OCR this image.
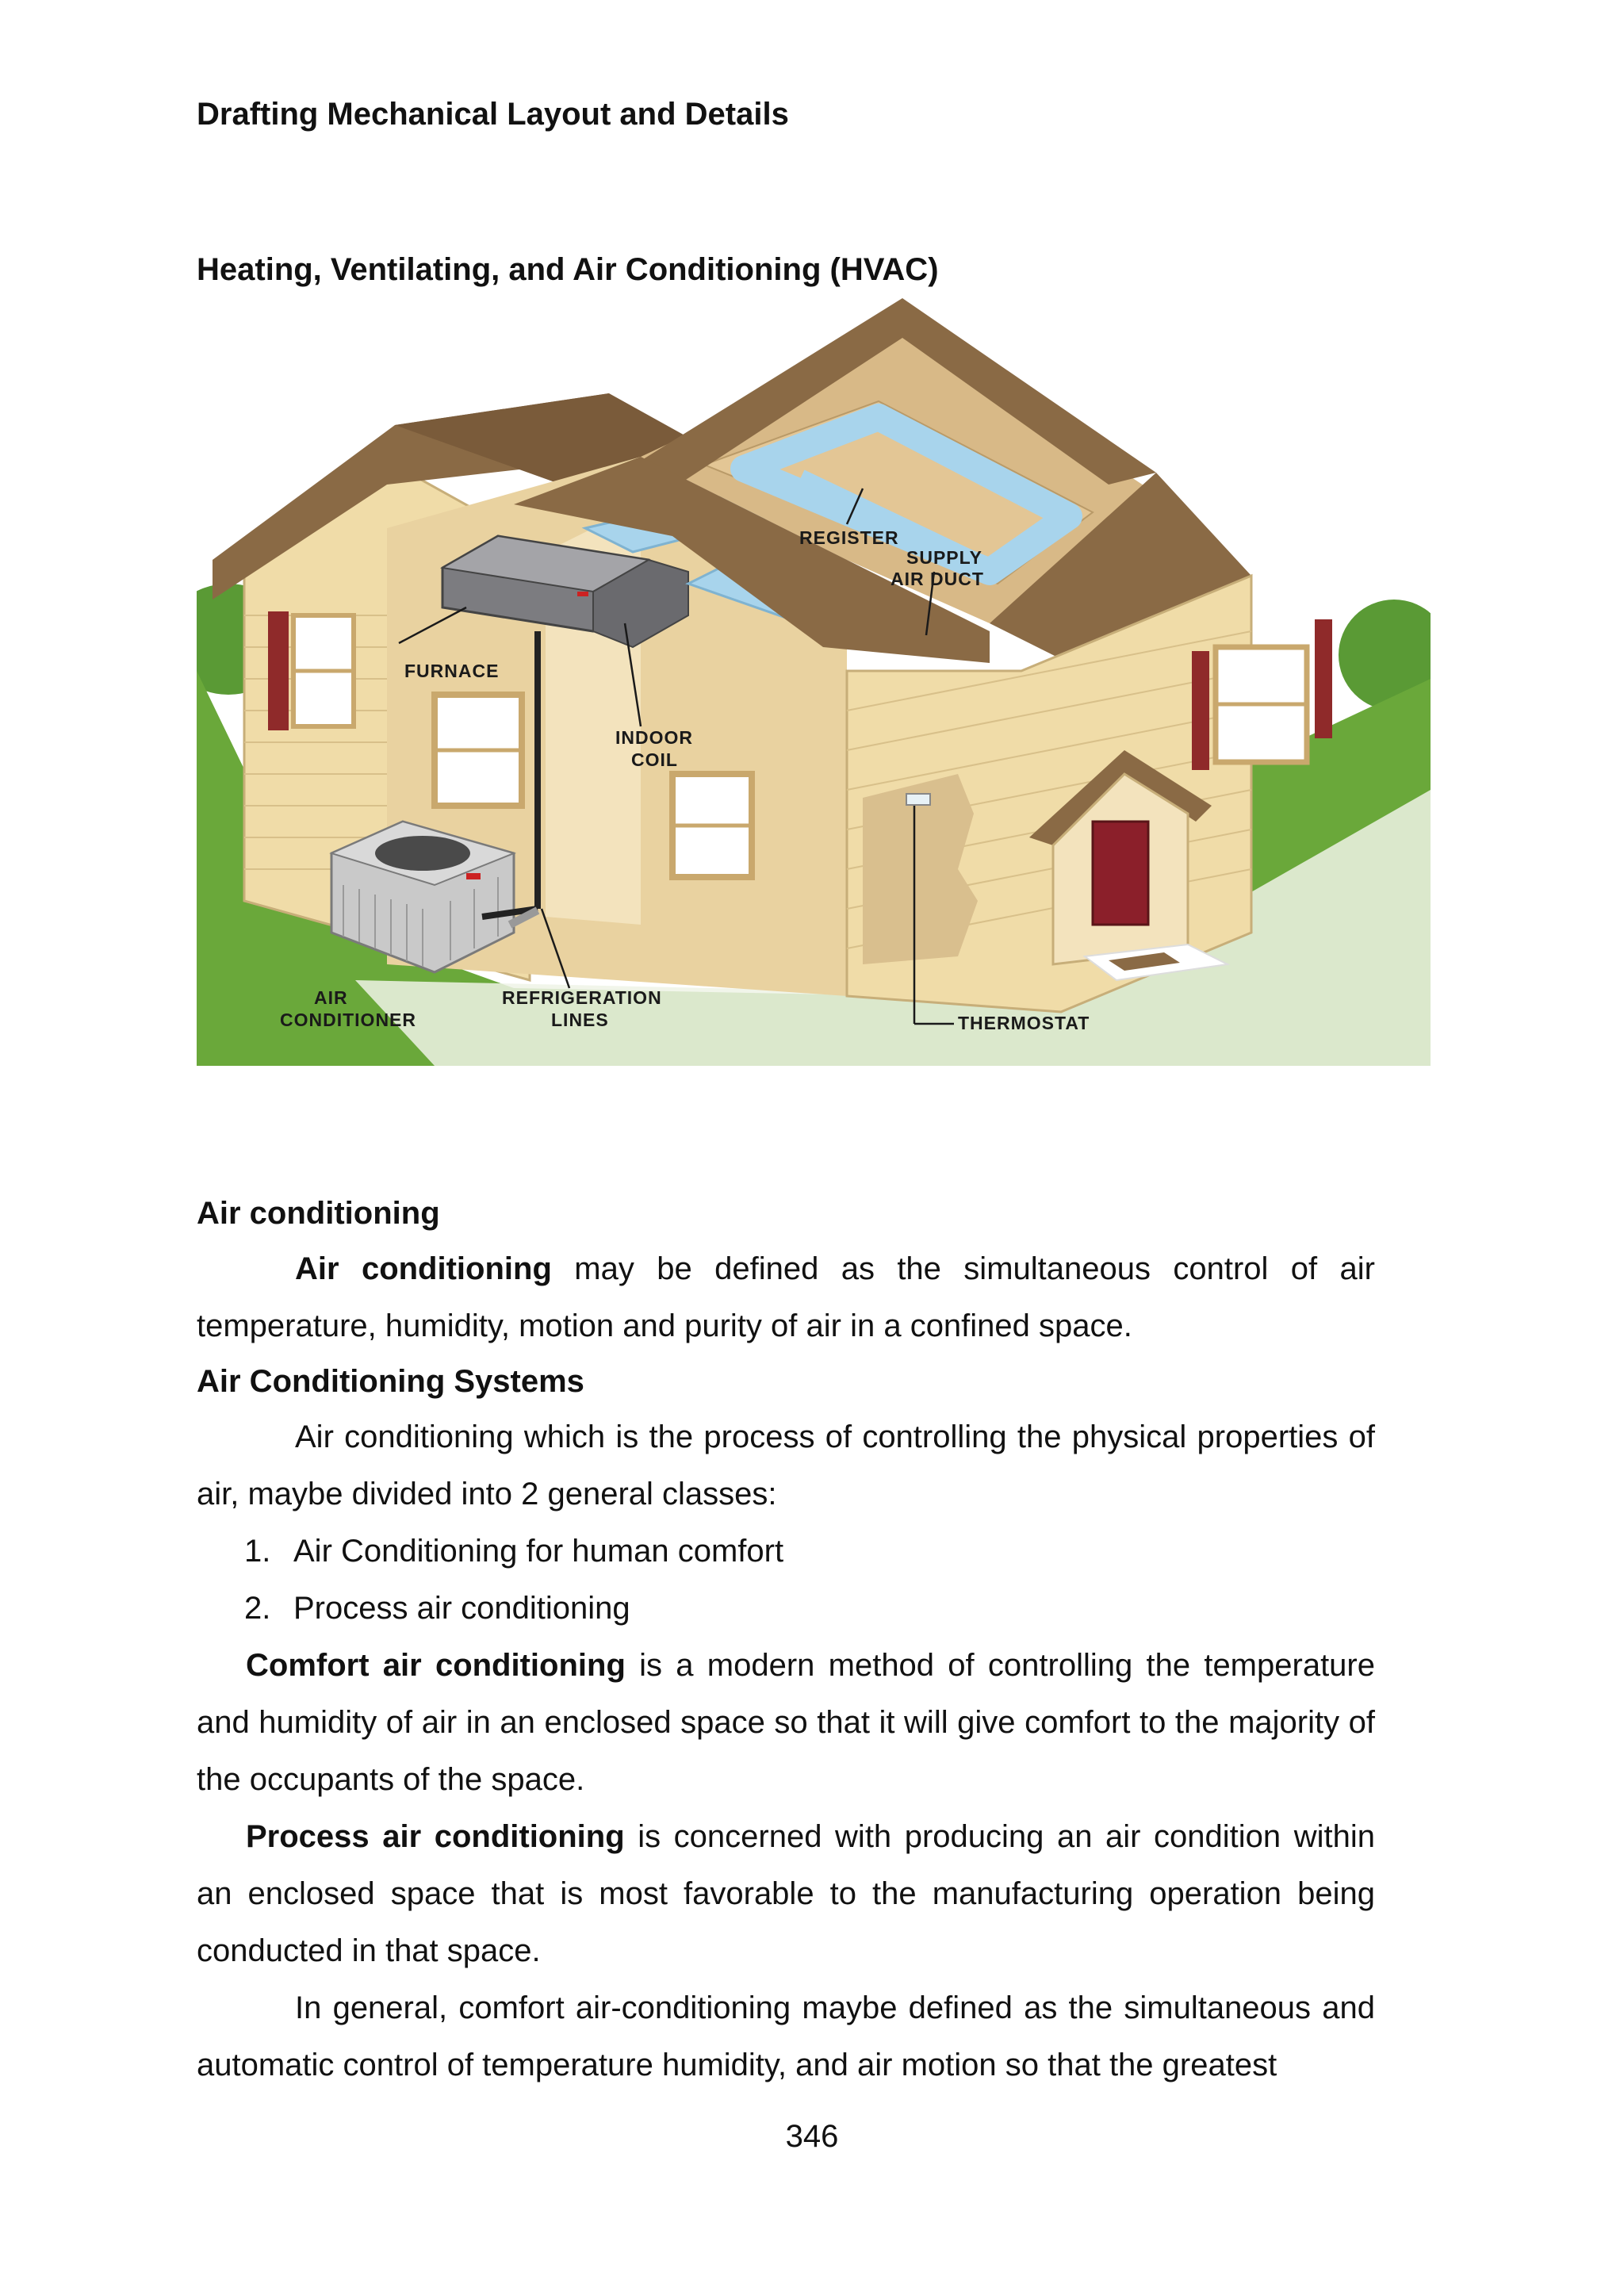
Drafting Mechanical Layout and Details
Heating, Ventilating, and Air Conditioning (HVAC)
REGISTER
SUPPLY
AIR DUCT
FURNACE
INDOOR
COIL
AIR
CONDITIONER
REFRIGERATION
LINES	THERMOSTAT

Air conditioning

Air conditioning may be defined as the simultaneous control of air temperature, humidity, motion and purity of air in a confined space.

Air Conditioning Systems

Air conditioning which is the process of controlling the physical properties of air, maybe divided into 2 general classes:

1. Air Conditioning for human comfort
2. Process air conditioning

Comfort air conditioning is a modern method of controlling the temperature and humidity of air in an enclosed space so that it will give comfort to the majority of the occupants of the space.

Process air conditioning is concerned with producing an air condition within an enclosed space that is most favorable to the manufacturing operation being conducted in that space.

In general, comfort air-conditioning maybe defined as the simultaneous and automatic control of temperature humidity, and air motion so that the greatest

346
